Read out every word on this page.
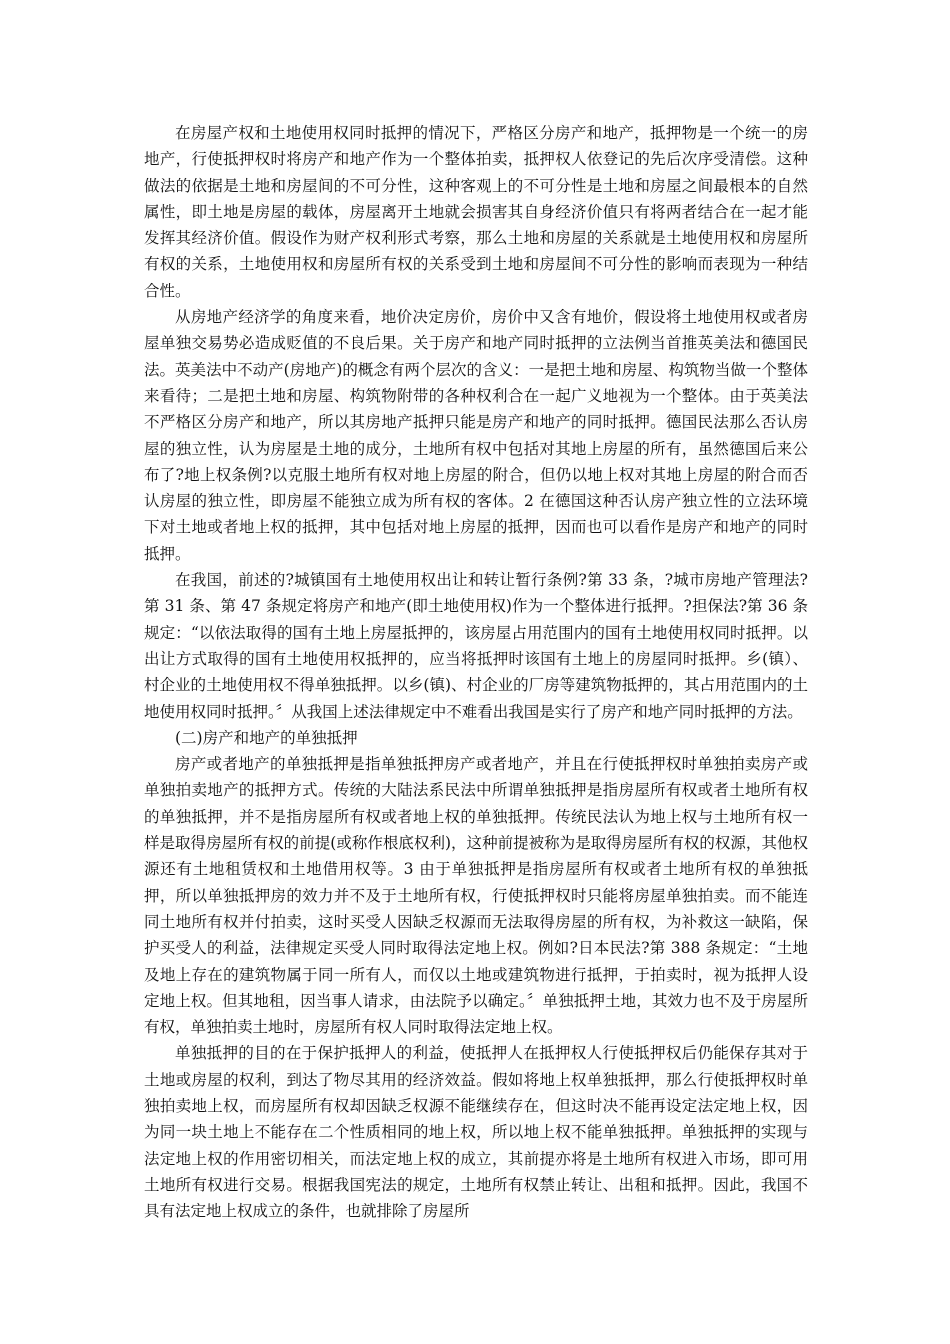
在房屋产权和土地使用权同时抵押的情况下，严格区分房产和地产，抵押物是一个统一的房地产，行使抵押权时将房产和地产作为一个整体拍卖，抵押权人依登记的先后次序受清偿。这种做法的依据是土地和房屋间的不可分性，这种客观上的不可分性是土地和房屋之间最根本的自然属性，即土地是房屋的载体，房屋离开土地就会损害其自身经济价值只有将两者结合在一起才能发挥其经济价值。假设作为财产权利形式考察，那么土地和房屋的关系就是土地使用权和房屋所有权的关系，土地使用权和房屋所有权的关系受到土地和房屋间不可分性的影响而表现为一种结合性。

从房地产经济学的角度来看，地价决定房价，房价中又含有地价，假设将土地使用权或者房屋单独交易势必造成贬值的不良后果。关于房产和地产同时抵押的立法例当首推英美法和德国民法。英美法中不动产(房地产)的概念有两个层次的含义：一是把土地和房屋、构筑物当做一个整体来看待；二是把土地和房屋、构筑物附带的各种权利合在一起广义地视为一个整体。由于英美法不严格区分房产和地产，所以其房地产抵押只能是房产和地产的同时抵押。德国民法那么否认房屋的独立性，认为房屋是土地的成分，土地所有权中包括对其地上房屋的所有，虽然德国后来公布了?地上权条例?以克服土地所有权对地上房屋的附合，但仍以地上权对其地上房屋的附合而否认房屋的独立性，即房屋不能独立成为所有权的客体。2 在德国这种否认房产独立性的立法环境下对土地或者地上权的抵押，其中包括对地上房屋的抵押，因而也可以看作是房产和地产的同时抵押。

在我国，前述的?城镇国有土地使用权出让和转让暂行条例?第 33 条，?城市房地产管理法?第 31 条、第 47 条规定将房产和地产(即土地使用权)作为一个整体进行抵押。?担保法?第 36 条规定：“以依法取得的国有土地上房屋抵押的，该房屋占用范围内的国有土地使用权同时抵押。以出让方式取得的国有土地使用权抵押的，应当将抵押时该国有土地上的房屋同时抵押。乡(镇）、村企业的土地使用权不得单独抵押。以乡(镇)、村企业的厂房等建筑物抵押的，其占用范围内的土地使用权同时抵押。〞从我国上述法律规定中不难看出我国是实行了房产和地产同时抵押的方法。

(二)房产和地产的单独抵押

房产或者地产的单独抵押是指单独抵押房产或者地产，并且在行使抵押权时单独拍卖房产或单独拍卖地产的抵押方式。传统的大陆法系民法中所谓单独抵押是指房屋所有权或者土地所有权的单独抵押，并不是指房屋所有权或者地上权的单独抵押。传统民法认为地上权与土地所有权一样是取得房屋所有权的前提(或称作根底权利)，这种前提被称为是取得房屋所有权的权源，其他权源还有土地租赁权和土地借用权等。3 由于单独抵押是指房屋所有权或者土地所有权的单独抵押，所以单独抵押房的效力并不及于土地所有权，行使抵押权时只能将房屋单独拍卖。而不能连同土地所有权并付拍卖，这时买受人因缺乏权源而无法取得房屋的所有权，为补救这一缺陷，保护买受人的利益，法律规定买受人同时取得法定地上权。例如?日本民法?第 388 条规定：“土地及地上存在的建筑物属于同一所有人，而仅以土地或建筑物进行抵押，于拍卖时，视为抵押人设定地上权。但其地租，因当事人请求，由法院予以确定。〞单独抵押土地，其效力也不及于房屋所有权，单独拍卖土地时，房屋所有权人同时取得法定地上权。

单独抵押的目的在于保护抵押人的利益，使抵押人在抵押权人行使抵押权后仍能保存其对于土地或房屋的权利，到达了物尽其用的经济效益。假如将地上权单独抵押，那么行使抵押权时单独拍卖地上权，而房屋所有权却因缺乏权源不能继续存在，但这时决不能再设定法定地上权，因为同一块土地上不能存在二个性质相同的地上权，所以地上权不能单独抵押。单独抵押的实现与法定地上权的作用密切相关，而法定地上权的成立，其前提亦将是土地所有权进入市场，即可用土地所有权进行交易。根据我国宪法的规定，土地所有权禁止转让、出租和抵押。因此，我国不具有法定地上权成立的条件，也就排除了房屋所
